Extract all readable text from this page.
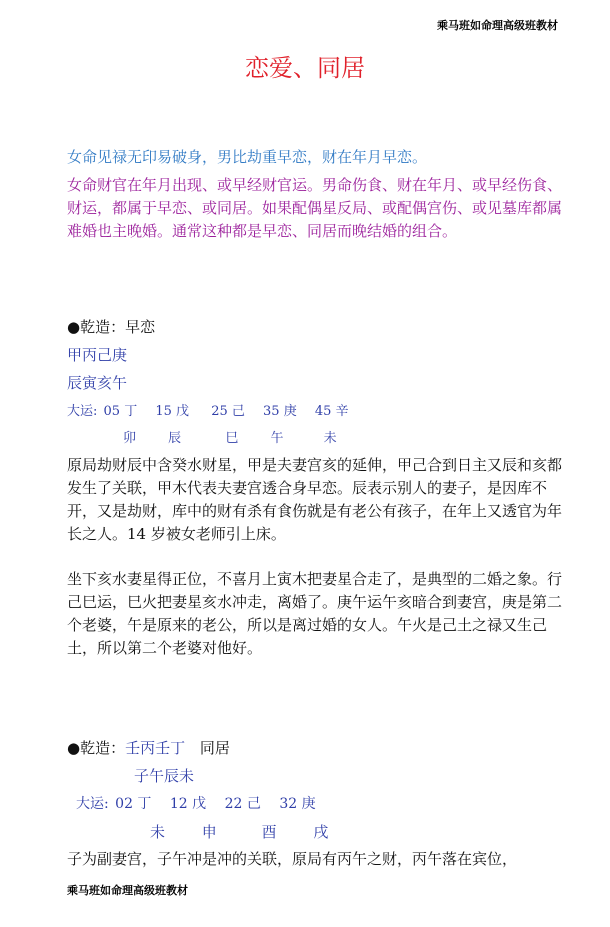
乘马班如命理高级班教材
恋爱、同居
女命见禄无印易破身，男比劫重早恋，财在年月早恋。
女命财官在年月出现、或早经财官运。男命伤食、财在年月、或早经伤食、财运，都属于早恋、或同居。如果配偶星反局、或配偶宫伤、或见墓库都属难婚也主晚婚。通常这种都是早恋、同居而晚结婚的组合。
●乾造：早恋
甲丙己庚
辰寅亥午
大运: 05 丁 15 戊 25 己 35 庚 45 辛
卯 辰	巳 午	未
原局劫财辰中含癸水财星，甲是夫妻宫亥的延伸，甲己合到日主又辰和亥都发生了关联，甲木代表夫妻宫透合身早恋。辰表示别人的妻子，是因库不开，又是劫财，库中的财有杀有食伤就是有老公有孩子，在年上又透官为年长之人。14 岁被女老师引上床。
坐下亥水妻星得正位，不喜月上寅木把妻星合走了，是典型的二婚之象。行己巳运，巳火把妻星亥水冲走，离婚了。庚午运午亥暗合到妻宫，庚是第二个老婆，午是原来的老公，所以是离过婚的女人。午火是己土之禄又生己土，所以第二个老婆对他好。
●乾造：壬丙壬丁 同居
子午辰未
大运: 02 丁 12 戊 22 己 32 庚
未 申	酉 戌
子为副妻宫，子午冲是冲的关联，原局有丙午之财，丙午落在宾位，
乘马班如命理高级班教材
